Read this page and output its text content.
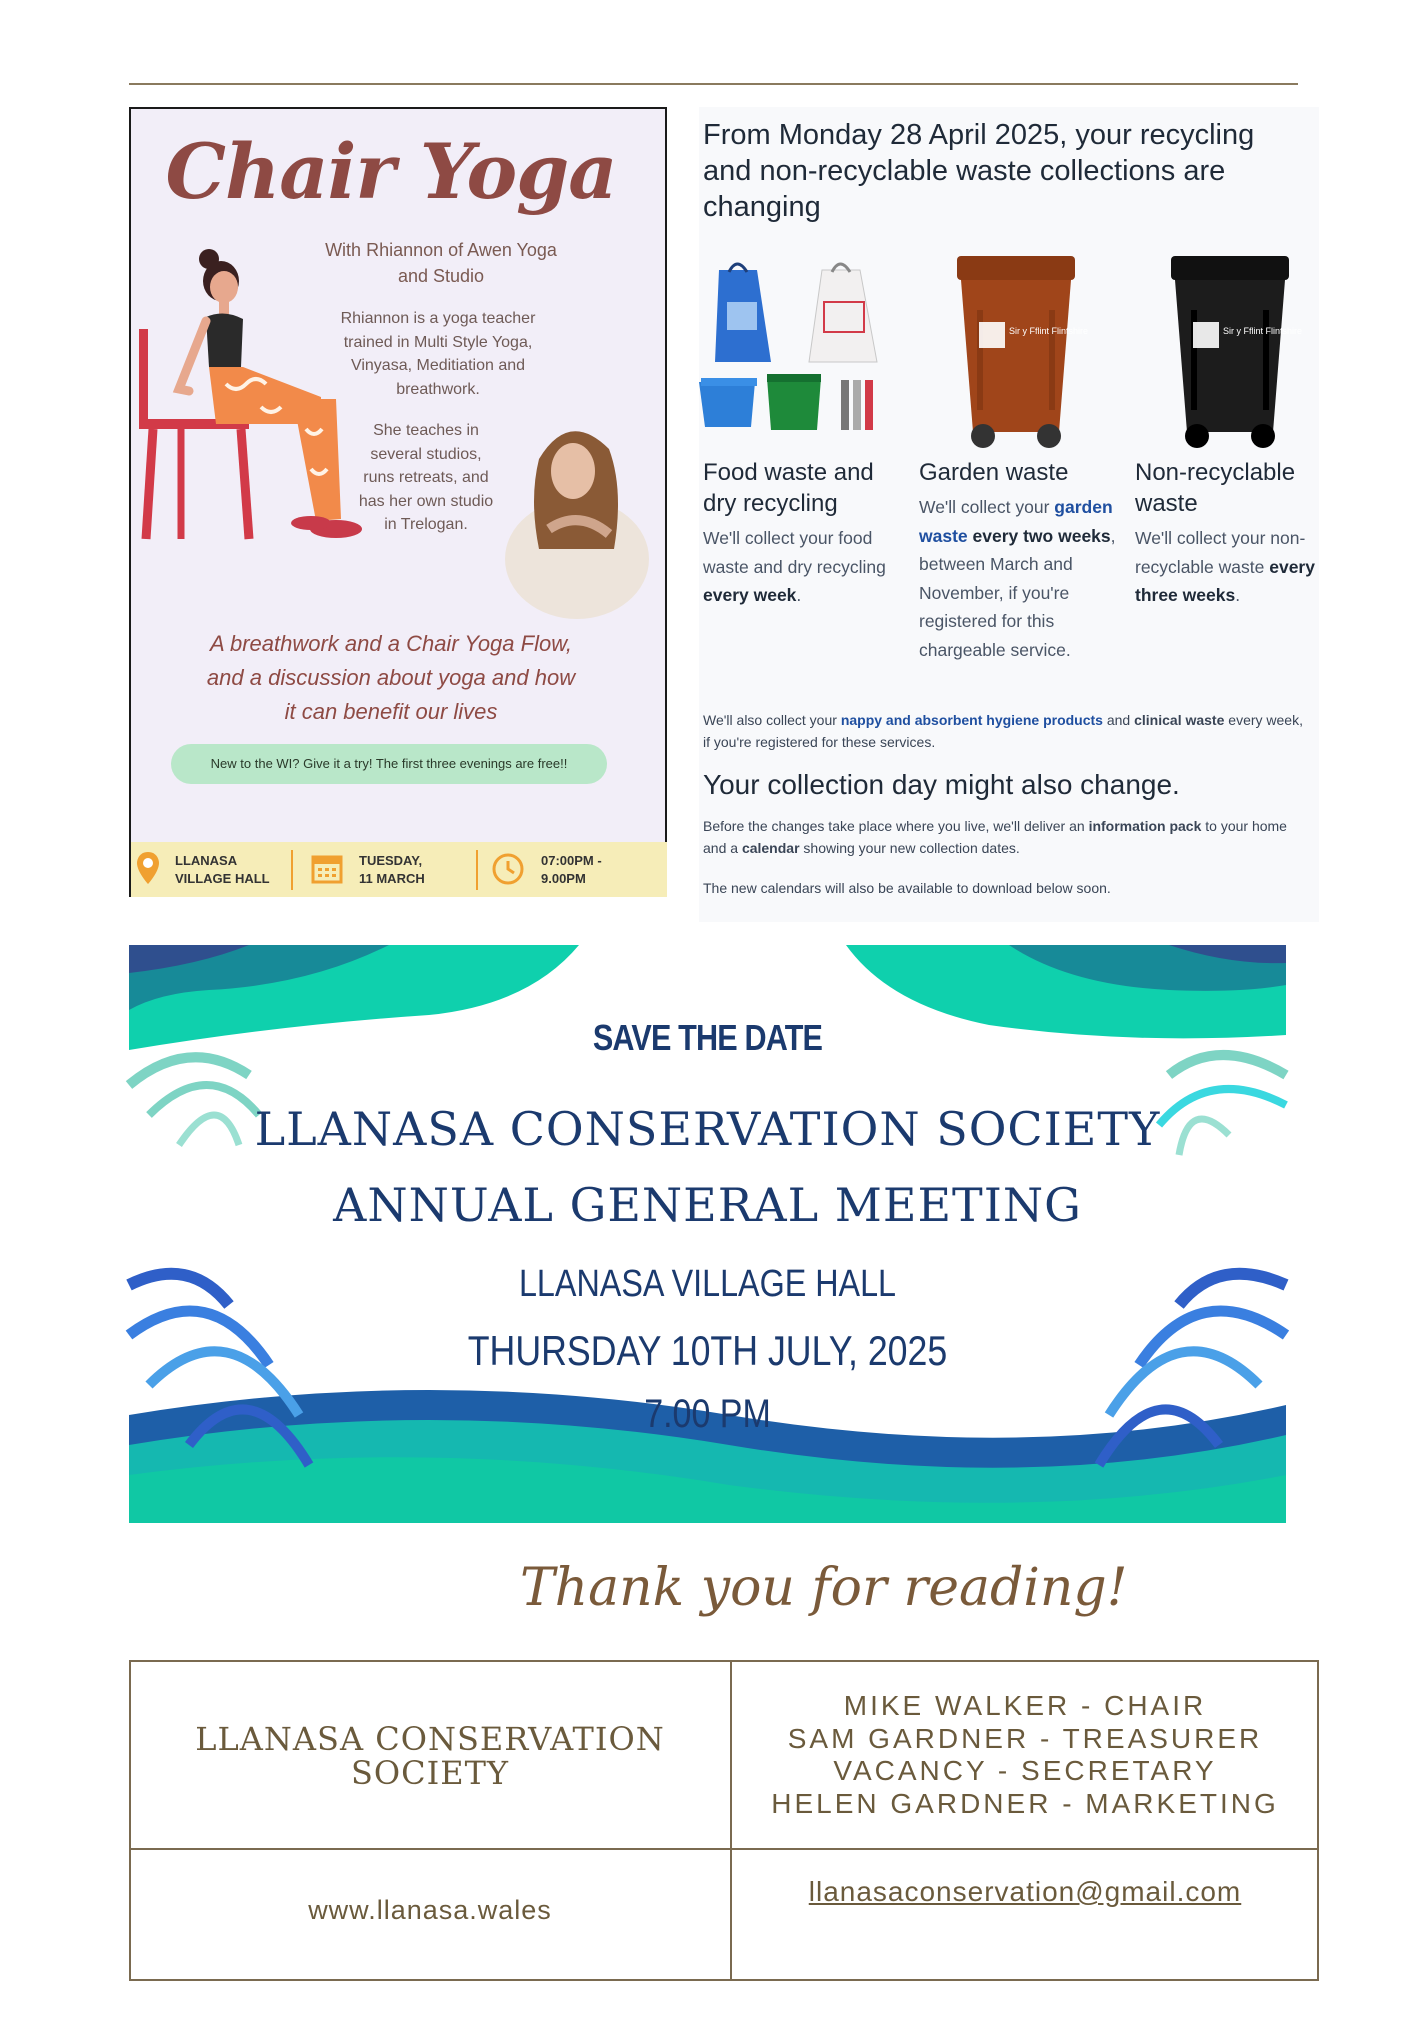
Chair Yoga
With Rhiannon of Awen Yoga
and Studio
Rhiannon is a yoga teacher
trained in Multi Style Yoga,
Vinyasa, Meditiation and
breathwork.
She teaches in
several studios,
runs retreats, and
has her own studio
in Trelogan.
A breathwork and a Chair Yoga Flow,
and a discussion about yoga and how
it can benefit our lives
New to the WI? Give it a try! The first three evenings are free!!
LLANASA
VILLAGE HALL
TUESDAY,
11 MARCH
07:00PM -
9.00PM
From Monday 28 April 2025, your recycling and non-recyclable waste collections are changing
Sir y Fflint Flintshire	Sir y Fflint Flintshire
Food waste and dry recycling
We'll collect your food waste and dry recycling every week.
Garden waste
We'll collect your garden waste every two weeks, between March and November, if you're registered for this chargeable service.
Non-recyclable waste
We'll collect your non-recyclable waste every three weeks.
We'll also collect your nappy and absorbent hygiene products and clinical waste every week, if you're registered for these services.
Your collection day might also change.
Before the changes take place where you live, we'll deliver an information pack to your home and a calendar showing your new collection dates.
The new calendars will also be available to download below soon.
SAVE THE DATE
LLANASA CONSERVATION SOCIETY
ANNUAL GENERAL MEETING
LLANASA VILLAGE HALL
THURSDAY 10TH JULY, 2025
7.00 PM
Thank you for reading!
LLANASA CONSERVATION
SOCIETY
MIKE WALKER - CHAIR
SAM GARDNER - TREASURER
VACANCY - SECRETARY
HELEN GARDNER - MARKETING
www.llanasa.wales
llanasaconservation@gmail.com
